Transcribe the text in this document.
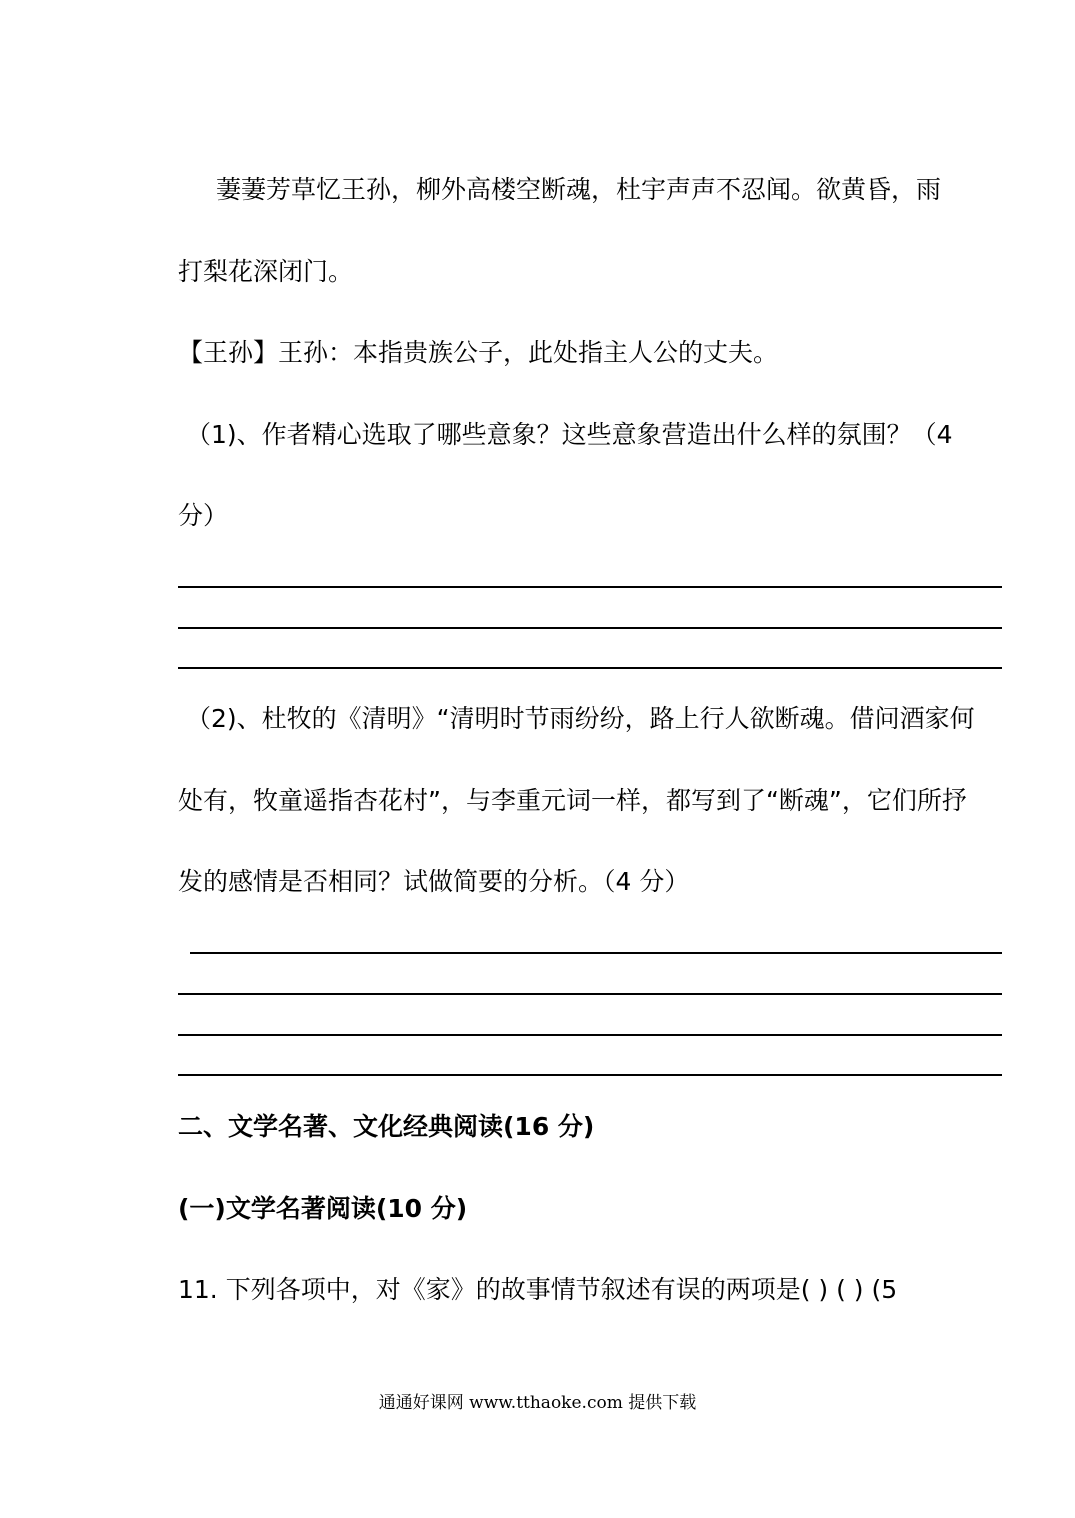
萋萋芳草忆王孙，柳外高楼空断魂，杜宇声声不忍闻。欲黄昏，雨
打梨花深闭门。
【王孙】王孙：本指贵族公子，此处指主人公的丈夫。
（1)、作者精心选取了哪些意象？这些意象营造出什么样的氛围？（4
分）
（2)、杜牧的《清明》“清明时节雨纷纷，路上行人欲断魂。借问酒家何
处有，牧童遥指杏花村”，与李重元词一样，都写到了“断魂”，它们所抒
发的感情是否相同？试做简要的分析。（4 分）
二、文学名著、文化经典阅读(16 分)
(一)文学名著阅读(10 分)
11. 下列各项中，对《家》的故事情节叙述有误的两项是( ) ( ) (5
通通好课网 www.tthaoke.com 提供下载
